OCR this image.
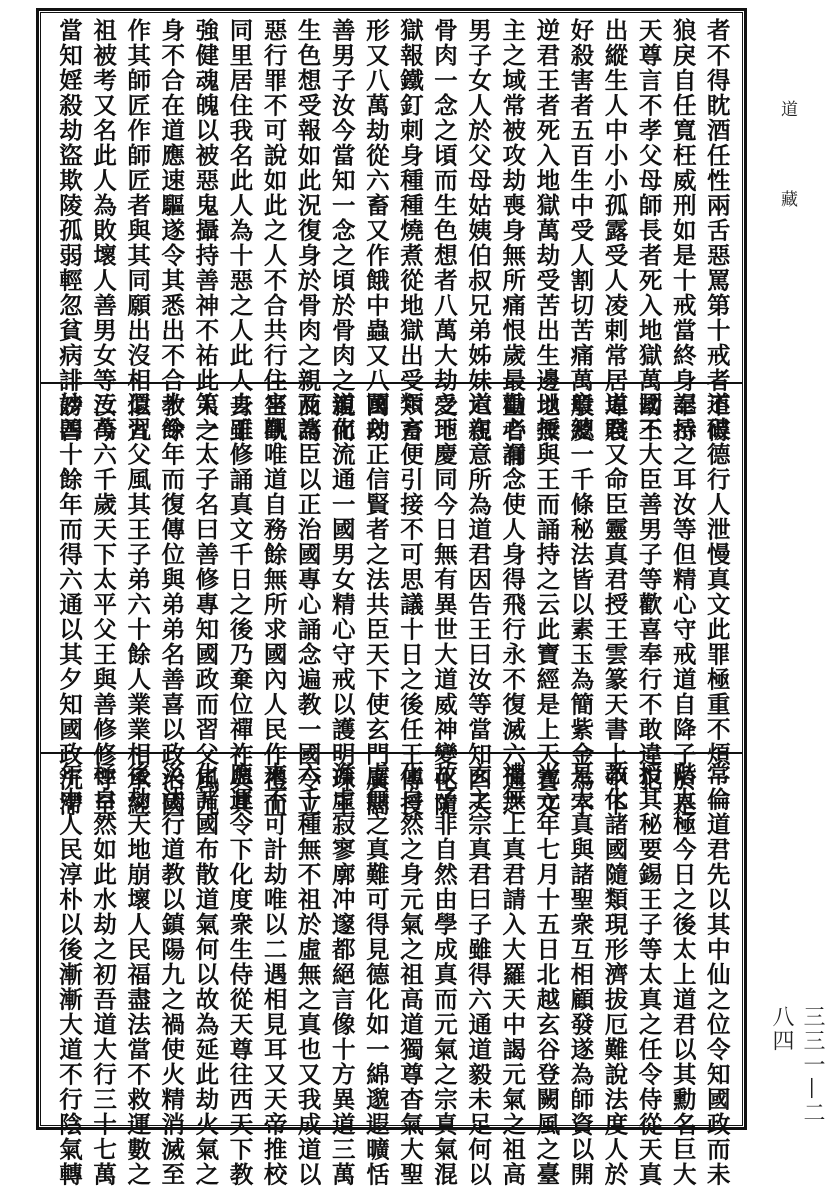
道
藏
三三一—二八四
者不得眈酒任性兩舌惡罵第十戒者不得
狼戾自任寬枉威刑如是十戒當終身奉持
天尊言不孝父母師長者死入地獄萬劫不
出縱生人中小小孤露受人凌剌常居卑賤
好殺害者五百生中受人割切苦痛萬般及
逆君王者死入地獄萬劫受苦出生邊地無
主之域常被攻劫喪身無所痛恨歲最重者有
男子女人於父母姑姨伯叔兄弟姊妹六親
骨肉一念之頃而生色想者八萬大劫受地
獄報鐵釘刺身種種燒煮從地獄出受六畜
形又八萬劫從六畜又作餓中蟲又八萬劫
善男子汝今當知一念之頃於骨肉之親而
生色想受報如此況復身於骨肉之親而為
惡行罪不可說如此之人不合共行住坐臥
同里居住我名此人為十惡之人此人身雖
強健魂魄以被惡鬼攝持善神不祐此人之
身不合在道應速驅遂令其悉出不合教令
作其師匠作師匠者與其同願出沒相似九
祖被考又名此人為敗壞人善男女等汝今
當知婬殺劫盜欺陵孤弱輕忽貧病誹謗善
道破德行人泄慢真文此罪極重不煩一一
記示之耳汝等但精心守戒道自降子於是
國王大臣善男子等歡喜奉行不敢違犯
道君又命臣靈真君授王雲篆天書上中下
章總一千條秘法皆以素玉為簡紫金為字
以授與王而誦持之云此寶經是上天寶文
勸心誦念使人身得飛行永不復滅六通之
道在意所為道君因告王曰汝等當知四天
之下慶同今日無有異世大道威神變化隨
類方便引接不可思議十日之後任王傳授
國內正信賢者之法共臣天下使玄門廣闊
道化流通一國男女精心守戒以護明珠王
及諸臣以正治國專心誦念遍教一國令立
宮觀唯道自務餘無所求國內人民作禮而
去王修誦真文千日之後乃棄位禪祚與其
第一太子名曰善修專知國政而習父風九
十餘年而復傳位與弟弟名善喜以政治國
還習父風其王子弟六十餘人業業相承經
三萬六千歲天下太平父王與善修修守至
妙四十餘年而得六通以其夕知國政沉滯
常倫道君先以其中仙之位令知國政而未
階太極今日之後太上道君以其勳名巨大
授其秘要錫王子等太真之任令侍從天真
教化諸國隨類現形濟拔厄難說法度人於
是太真與諸聖衆互相顧發遂為師資以開
光元年七月十五日北越玄谷登闕風之臺
禮無上真君請入大羅天中謁元氣之祖高
玄之宗真君曰子雖得六通道毅未足何以
故子非自然由學成真而元氣之宗真氣混
化自然之身元氣之祖高道獨尊杳氣大聖
虛無之真難可得見德化如一綿邈遐曠恬
澹虛寂寥廓冲邃都絕言像十方異道三萬
六千種無不祖於虛無之真也又我成道以
來不可計劫唯以二遇相見耳又天帝推校
應運令下化度衆生侍從天尊往西天下教
化諸國布散道氣何以故為延此劫火氣之
災法行道教以鎮陽九之禍使火精消滅至
後劫天地崩壞人民福盡法當不救運數之
極自然如此水劫之初吾道大行三十七萬
年中人民淳朴以後漸漸大道不行陰氣轉
